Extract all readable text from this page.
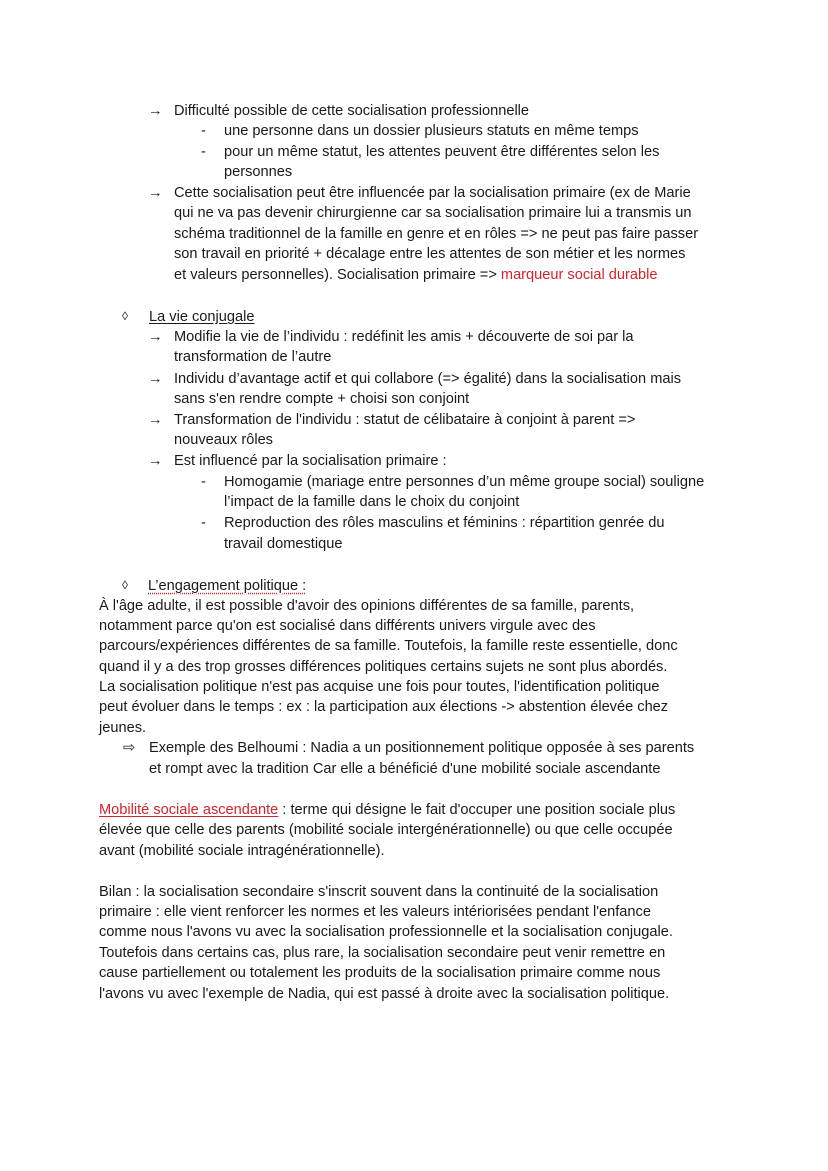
→ Difficulté possible de cette socialisation professionnelle
- une personne dans un dossier plusieurs statuts en même temps
- pour un même statut, les attentes peuvent être différentes selon les
personnes
→ Cette socialisation peut être influencée par la socialisation primaire (ex de Marie
qui ne va pas devenir chirurgienne car sa socialisation primaire lui a transmis un
schéma traditionnel de la famille en genre et en rôles => ne peut pas faire passer
son travail en priorité + décalage entre les attentes de son métier et les normes
et valeurs personnelles). Socialisation primaire => marqueur social durable
◊ La vie conjugale
→ Modifie la vie de l’individu : redéfinit les amis + découverte de soi par la
transformation de l’autre
→ Individu d’avantage actif et qui collabore (=> égalité) dans la socialisation mais
sans s'en rendre compte + choisi son conjoint
→ Transformation de l'individu : statut de célibataire à conjoint à parent =>
nouveaux rôles
→ Est influencé par la socialisation primaire :
- Homogamie (mariage entre personnes d’un même groupe social) souligne
l’impact de la famille dans le choix du conjoint
- Reproduction des rôles masculins et féminins : répartition genrée du
travail domestique
◊ L’engagement politique :
À l'âge adulte, il est possible d'avoir des opinions différentes de sa famille, parents,
notamment parce qu'on est socialisé dans différents univers virgule avec des
parcours/expériences différentes de sa famille. Toutefois, la famille reste essentielle, donc
quand il y a des trop grosses différences politiques certains sujets ne sont plus abordés.
La socialisation politique n'est pas acquise une fois pour toutes, l'identification politique
peut évoluer dans le temps : ex : la participation aux élections -> abstention élevée chez
jeunes.
⇨ Exemple des Belhoumi : Nadia a un positionnement politique opposée à ses parents
et rompt avec la tradition Car elle a bénéficié d'une mobilité sociale ascendante
Mobilité sociale ascendante : terme qui désigne le fait d'occuper une position sociale plus
élevée que celle des parents (mobilité sociale intergénérationnelle) ou que celle occupée
avant (mobilité sociale intragénérationnelle).
Bilan : la socialisation secondaire s'inscrit souvent dans la continuité de la socialisation
primaire : elle vient renforcer les normes et les valeurs intériorisées pendant l'enfance
comme nous l'avons vu avec la socialisation professionnelle et la socialisation conjugale.
Toutefois dans certains cas, plus rare, la socialisation secondaire peut venir remettre en
cause partiellement ou totalement les produits de la socialisation primaire comme nous
l'avons vu avec l'exemple de Nadia, qui est passé à droite avec la socialisation politique.
